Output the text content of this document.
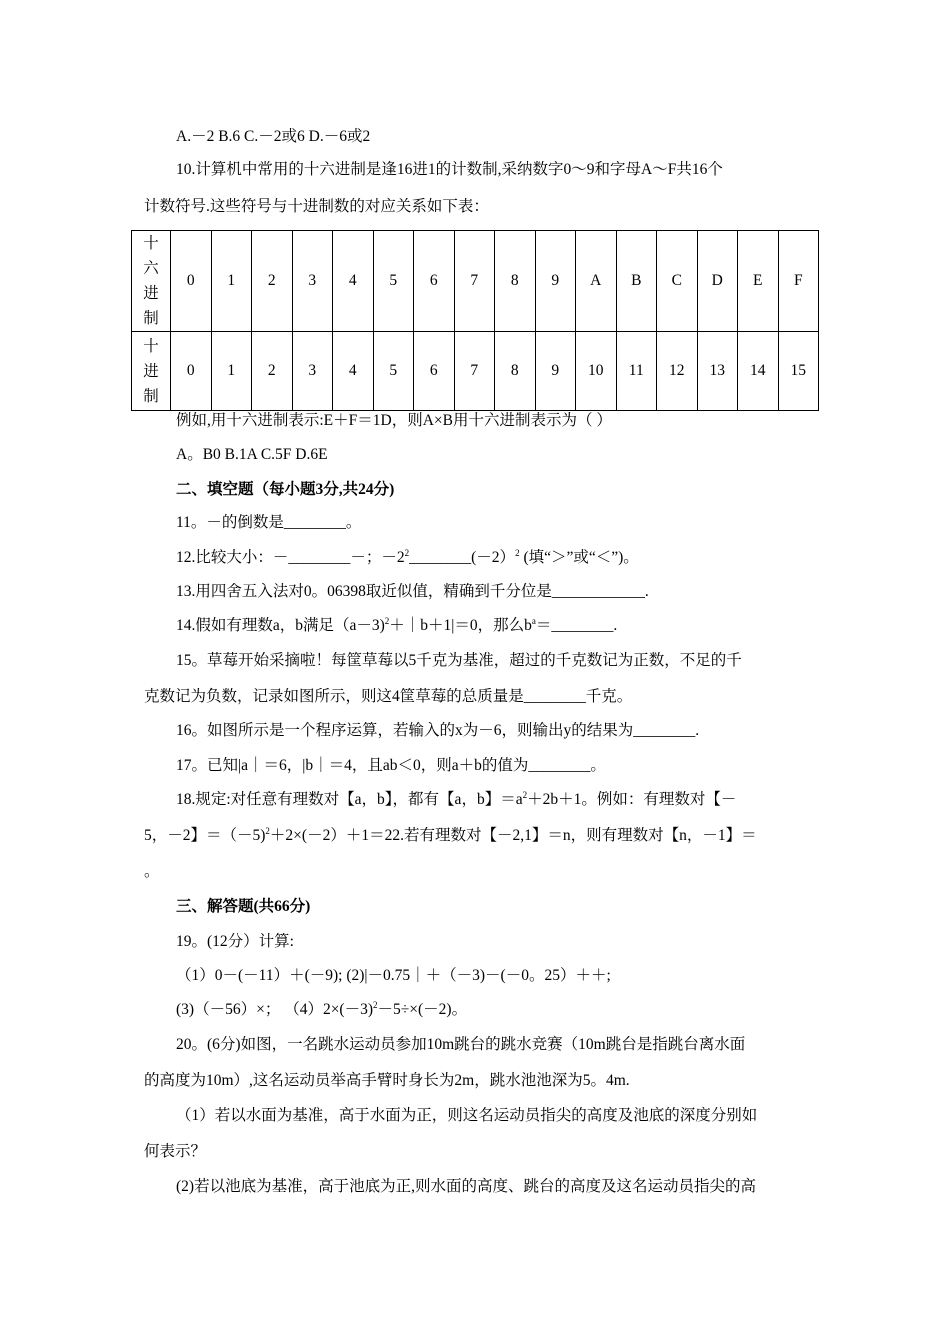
A.－2 B.6 C.－2或6 D.－6或2
10.计算机中常用的十六进制是逢16进1的计数制,采纳数字0～9和字母A～F共16个
计数符号.这些符号与十进制数的对应关系如下表：
十
六
进
制	0	1	2	3	4	5	6	7	8	9	A	B	C	D	E	F

十
进
制	0	1	2	3	4	5	6	7	8	9	10	11	12	13	14	15
例如,用十六进制表示:E＋F＝1D，则A×B用十六进制表示为（ ）
A。B0 B.1A C.5F D.6E
二、填空题（每小题3分,共24分)
11。－的倒数是________。
12.比较大小：－________－；$-2^2\_\_\_\_\_\_\_\_(-2)^2$ (填“＞”或“＜”)。
13.用四舍五入法对0。06398取近似值，精确到千分位是____________.
14.假如有理数a，b满足（a－3)$^2$＋｜b＋1|＝0，那么$b^a=\_\_\_\_\_\_\_\_$.
15。草莓开始采摘啦！每筐草莓以5千克为基准，超过的千克数记为正数，不足的千
克数记为负数，记录如图所示，则这4筐草莓的总质量是________千克。
16。如图所示是一个程序运算，若输入的x为－6，则输出y的结果为________.
17。已知|a｜＝6，|b｜＝4，且ab＜0，则a＋b的值为________。
18.规定:对任意有理数对【a，b】，都有【a，b】$=a^2+2b+1$。例如：有理数对【－
5，－2】＝（－5)$^2$＋2×(－2）＋1＝22.若有理数对【－2,1】＝n，则有理数对【n，－1】＝
。
三、解答题(共66分)
19。(12分）计算:
（1）0－(－11）＋(－9); (2)|－0.75｜＋（－3)－(－0。25）＋＋;
(3)（－56）×； $(4)2\times(-3)^2-5\div\times(-2)$。
20。(6分)如图，一名跳水运动员参加10m跳台的跳水竞赛（10m跳台是指跳台离水面
的高度为10m）,这名运动员举高手臂时身长为2m，跳水池池深为5。4m.
（1）若以水面为基准，高于水面为正，则这名运动员指尖的高度及池底的深度分别如
何表示？
(2)若以池底为基准，高于池底为正,则水面的高度、跳台的高度及这名运动员指尖的高
